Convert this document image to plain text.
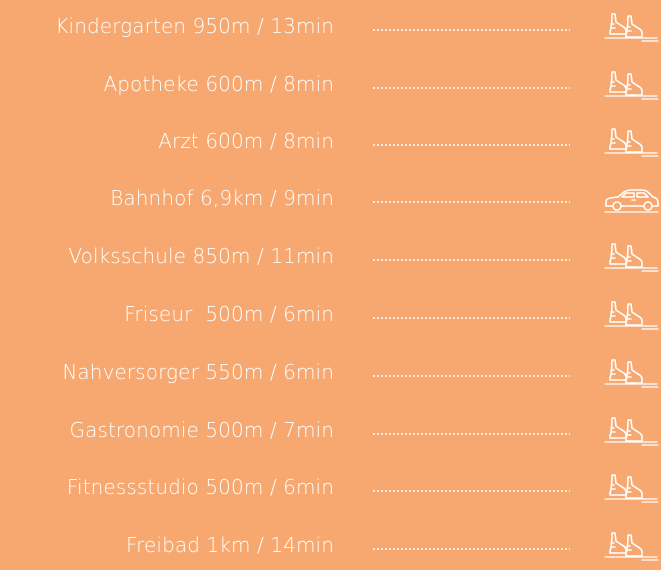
Kindergarten 950m / 13min
Apotheke 600m / 8min
Arzt 600m / 8min
Bahnhof 6,9km / 9min
Volksschule 850m / 11min
Friseur  500m / 6min
Nahversorger 550m / 6min
Gastronomie 500m / 7min
Fitnessstudio 500m / 6min
Freibad 1km / 14min
